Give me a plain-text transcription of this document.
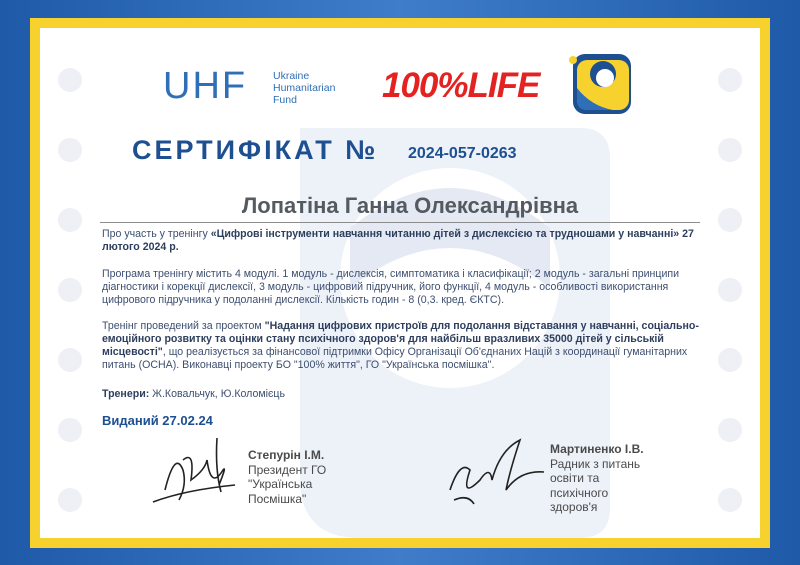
UHF Ukraine
Humanitarian
Fund	100%LIFE
СЕРТИФІКАТ № 2024-057-0263
Лопатіна Ганна Олександрівна
Про участь у тренінгу «Цифрові інструменти навчання читанню дітей з дислексією та трудношами у навчанні» 27 лютого 2024 р.
Програма тренінгу містить 4 модулі. 1 модуль - дислексія, симптоматика і класифікації; 2 модуль - загальні принципи діагностики і корекції дислексії, 3 модуль - цифровий підручник, його функції, 4 модуль - особливості використання цифрового підручника у подоланні дислексії. Кількість годин - 8 (0,3. кред. ЄКТС).
Тренінг проведений за проектом "Надання цифрових пристроїв для подолання відставання у навчанні, соціально- емоційного розвитку та оцінки стану психічного здоров'я для найбільш вразливих 35000 дітей у сільській місцевості", що реалізується за фінансової підтримки Офісу Організації Об'єднаних Націй з координації гуманітарних питань (OCHA). Виконавці проекту БО "100% життя", ГО "Українська посмішка".
Тренери: Ж.Ковальчук, Ю.Коломієць
Виданий 27.02.24
Степурін І.М.
Президент ГО
"Українська
Посмішка"
Мартиненко І.В.
Радник з питань
освіти та
психічного
здоров'я
